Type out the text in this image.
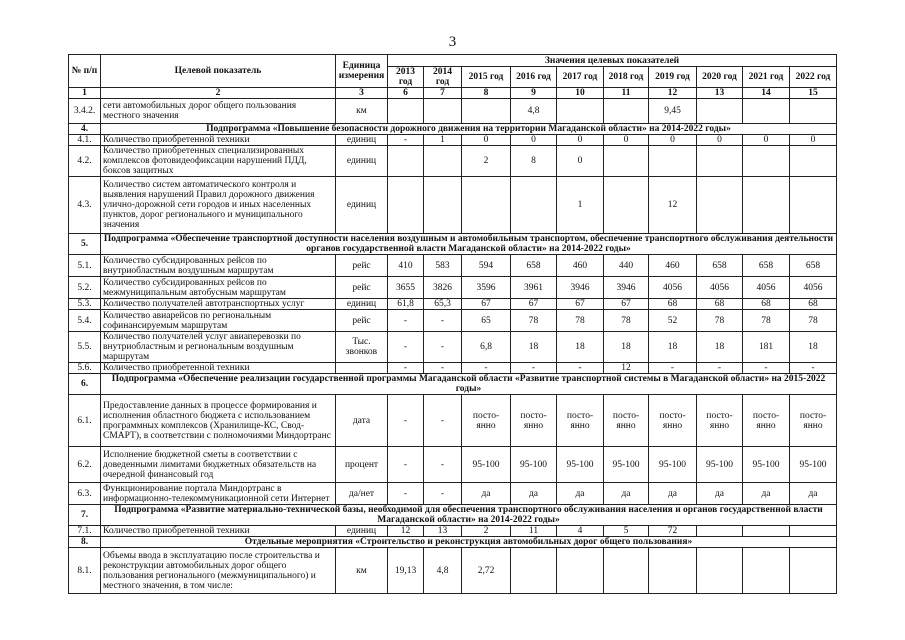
3
№ п/п	Целевой показатель	Единица измерения	Значения целевых показателей									
			2013 год	2014 год	2015 год	2016 год	2017 год	2018 год	2019 год	2020 год	2021 год	2022 год
1	2	3	6	7	8	9	10	11	12	13	14	15
3.4.2.	сети автомобильных дорог общего пользования местного значения	км				4,8			9,45			
4.	Подпрограмма «Повышение безопасности дорожного движения на территории Магаданской области» на 2014-2022 годы»											
4.1.	Количество приобретенной техники	единиц	-	1	0	0	0	0	0	0	0	0
4.2.	Количество приобретенных специализированных комплексов фотовидеофиксации нарушений ПДД, боксов защитных	единиц			2	8	0					
4.3.	Количество систем автоматического контроля и выявления нарушений Правил дорожного движения улично-дорожной сети городов и иных населенных пунктов, дорог регионального и муниципального значения	единиц					1		12			
5.	Подпрограмма «Обеспечение транспортной доступности населения воздушным и автомобильным транспортом, обеспечение транспортного обслуживания деятельности органов государственной власти Магаданской области» на 2014-2022 годы»											
5.1.	Количество субсидированных рейсов по внутриобластным воздушным маршрутам	рейс	410	583	594	658	460	440	460	658	658	658
5.2.	Количество субсидированных рейсов по межмуниципальным автобусным маршрутам	рейс	3655	3826	3596	3961	3946	3946	4056	4056	4056	4056
5.3.	Количество получателей автотранспортных услуг	единиц	61,8	65,3	67	67	67	67	68	68	68	68
5.4.	Количество авиарейсов по региональным софинансируемым маршрутам	рейс	-	-	65	78	78	78	52	78	78	78
5.5.	Количество получателей услуг авиаперевозки по внутриобластным и региональным воздушным маршрутам	Тыс. звонков	-	-	6,8	18	18	18	18	18	181	18
5.6.	Количество приобретенной техники		-	-	-	-	-	12	-	-	-	-
6.	Подпрограмма «Обеспечение реализации государственной программы Магаданской области «Развитие транспортной системы в Магаданской области» на 2015-2022 годы»											
6.1.	Предоставление данных в процессе формирования и исполнения областного бюджета с использованием программных комплексов (Хранилище-КС, Свод-СМАРТ), в соответствии с полномочиями Миндортранс	дата	-	-	посто-янно	посто-янно	посто-янно	посто-янно	посто-янно	посто-янно	посто-янно	посто-янно
6.2.	Исполнение бюджетной сметы в соответствии с доведенными лимитами бюджетных обязательств на очередной финансовый год	процент	-	-	95-100	95-100	95-100	95-100	95-100	95-100	95-100	95-100
6.3.	Функционирование портала Миндортранс в информационно-телекоммуникационной сети Интернет	да/нет	-	-	да	да	да	да	да	да	да	да
7.	Подпрограмма «Развитие материально-технической базы, необходимой для обеспечения транспортного обслуживания населения и органов государственной власти Магаданской области» на 2014-2022 годы»											
7.1.	Количество приобретенной техники	единиц	12	13	2	11	4	5	72			
8.	Отдельные мероприятия «Строительство и реконструкция автомобильных дорог общего пользования»											
8.1.	Объемы ввода в эксплуатацию после строительства и реконструкции автомобильных дорог общего пользования регионального (межмуниципального) и местного значения, в том числе:	км	19,13	4,8	2,72							
